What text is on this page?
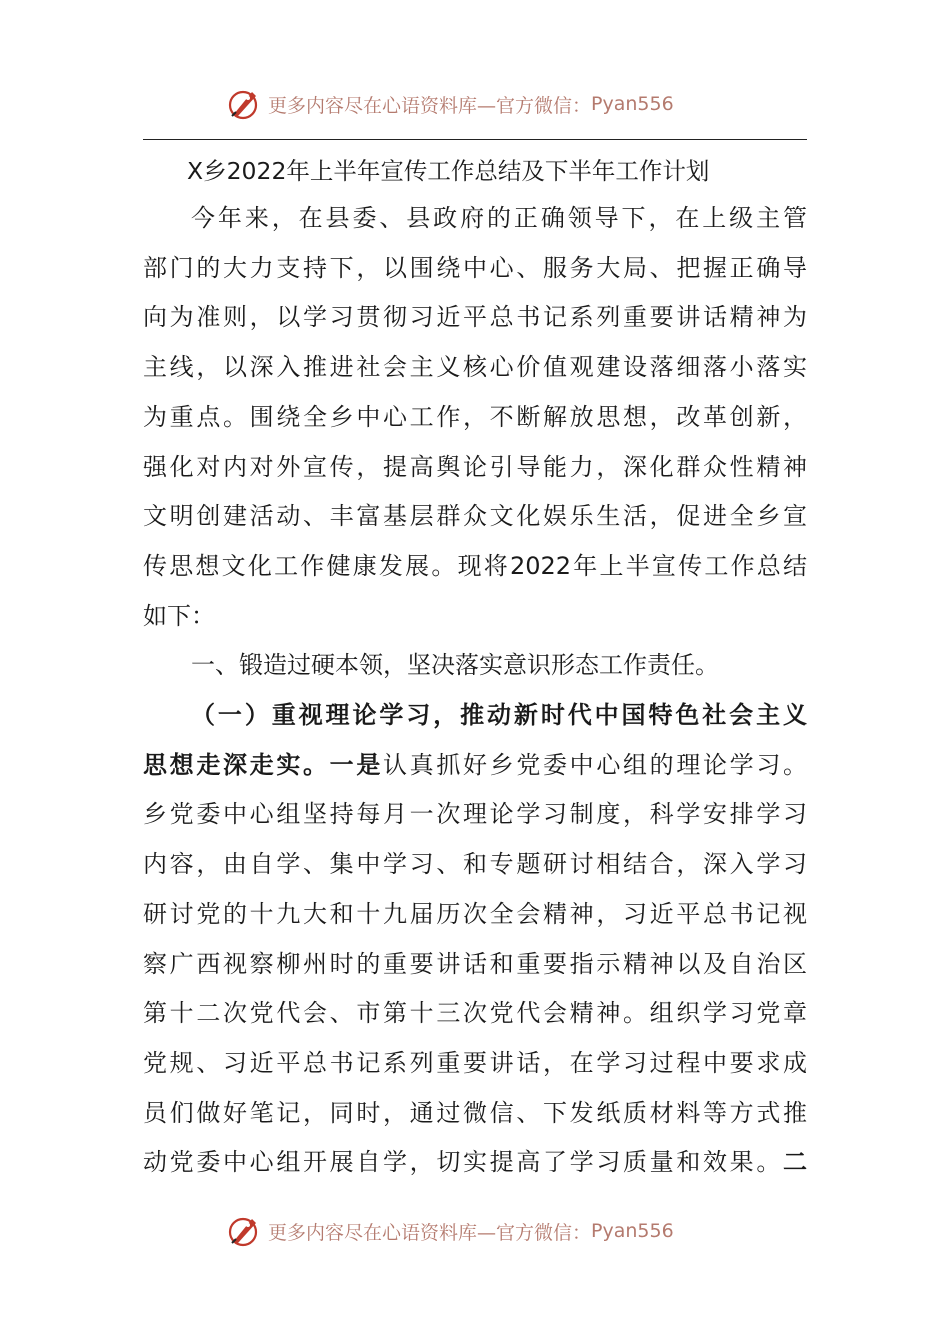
更多内容尽在心语资料库—官方微信： Pyan556

X乡2022年上半年宣传工作总结及下半年工作计划

今年来，在县委、县政府的正确领导下，在上级主管
部门的大力支持下，以围绕中心、服务大局、把握正确导
向为准则，以学习贯彻习近平总书记系列重要讲话精神为
主线，以深入推进社会主义核心价值观建设落细落小落实
为重点。围绕全乡中心工作，不断解放思想，改革创新，
强化对内对外宣传，提高舆论引导能力，深化群众性精神
文明创建活动、丰富基层群众文化娱乐生活，促进全乡宣
传思想文化工作健康发展。现将2022年上半宣传工作总结
如下：

一、锻造过硬本领，坚决落实意识形态工作责任。

（一）重视理论学习，推动新时代中国特色社会主义
思想走深走实。一是认真抓好乡党委中心组的理论学习。
乡党委中心组坚持每月一次理论学习制度，科学安排学习
内容，由自学、集中学习、和专题研讨相结合，深入学习
研讨党的十九大和十九届历次全会精神，习近平总书记视
察广西视察柳州时的重要讲话和重要指示精神以及自治区
第十二次党代会、市第十三次党代会精神。组织学习党章
党规、习近平总书记系列重要讲话，在学习过程中要求成
员们做好笔记，同时，通过微信、下发纸质材料等方式推
动党委中心组开展自学，切实提高了学习质量和效果。二

更多内容尽在心语资料库—官方微信： Pyan556
